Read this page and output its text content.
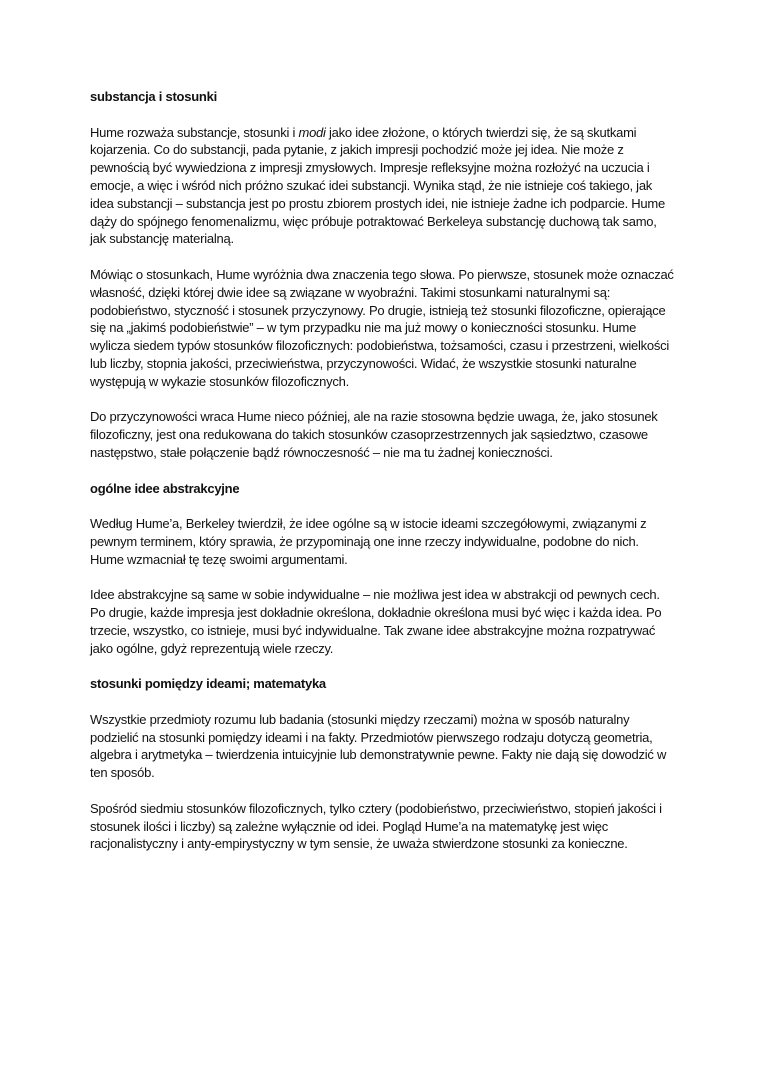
substancja i stosunki

Hume rozważa substancje, stosunki i modi jako idee złożone, o których twierdzi się, że są skutkami kojarzenia. Co do substancji, pada pytanie, z jakich impresji pochodzić może jej idea. Nie może z pewnością być wywiedziona z impresji zmysłowych. Impresje refleksyjne można rozłożyć na uczucia i emocje, a więc i wśród nich próżno szukać idei substancji. Wynika stąd, że nie istnieje coś takiego, jak idea substancji – substancja jest po prostu zbiorem prostych idei, nie istnieje żadne ich podparcie. Hume dąży do spójnego fenomenalizmu, więc próbuje potraktować Berkeleya substancję duchową tak samo, jak substancję materialną.

Mówiąc o stosunkach, Hume wyróżnia dwa znaczenia tego słowa. Po pierwsze, stosunek może oznaczać własność, dzięki której dwie idee są związane w wyobraźni. Takimi stosunkami naturalnymi są: podobieństwo, styczność i stosunek przyczynowy. Po drugie, istnieją też stosunki filozoficzne, opierające się na „jakimś podobieństwie” – w tym przypadku nie ma już mowy o konieczności stosunku. Hume wylicza siedem typów stosunków filozoficznych: podobieństwa, tożsamości, czasu i przestrzeni, wielkości lub liczby, stopnia jakości, przeciwieństwa, przyczynowości. Widać, że wszystkie stosunki naturalne występują w wykazie stosunków filozoficznych.

Do przyczynowości wraca Hume nieco później, ale na razie stosowna będzie uwaga, że, jako stosunek filozoficzny, jest ona redukowana do takich stosunków czasoprzestrzennych jak sąsiedztwo, czasowe następstwo, stałe połączenie bądź równoczesność – nie ma tu żadnej konieczności.

ogólne idee abstrakcyjne

Według Hume’a, Berkeley twierdził, że idee ogólne są w istocie ideami szczegółowymi, związanymi z pewnym terminem, który sprawia, że przypominają one inne rzeczy indywidualne, podobne do nich. Hume wzmacniał tę tezę swoimi argumentami.

Idee abstrakcyjne są same w sobie indywidualne – nie możliwa jest idea w abstrakcji od pewnych cech. Po drugie, każde impresja jest dokładnie określona, dokładnie określona musi być więc i każda idea. Po trzecie, wszystko, co istnieje, musi być indywidualne. Tak zwane idee abstrakcyjne można rozpatrywać jako ogólne, gdyż reprezentują wiele rzeczy.

stosunki pomiędzy ideami; matematyka

Wszystkie przedmioty rozumu lub badania (stosunki między rzeczami) można w sposób naturalny podzielić na stosunki pomiędzy ideami i na fakty. Przedmiotów pierwszego rodzaju dotyczą geometria, algebra i arytmetyka – twierdzenia intuicyjnie lub demonstratywnie pewne. Fakty nie dają się dowodzić w ten sposób.

Spośród siedmiu stosunków filozoficznych, tylko cztery (podobieństwo, przeciwieństwo, stopień jakości i stosunek ilości i liczby) są zależne wyłącznie od idei. Pogląd Hume’a na matematykę jest więc racjonalistyczny i anty-empirystyczny w tym sensie, że uważa stwierdzone stosunki za konieczne.
